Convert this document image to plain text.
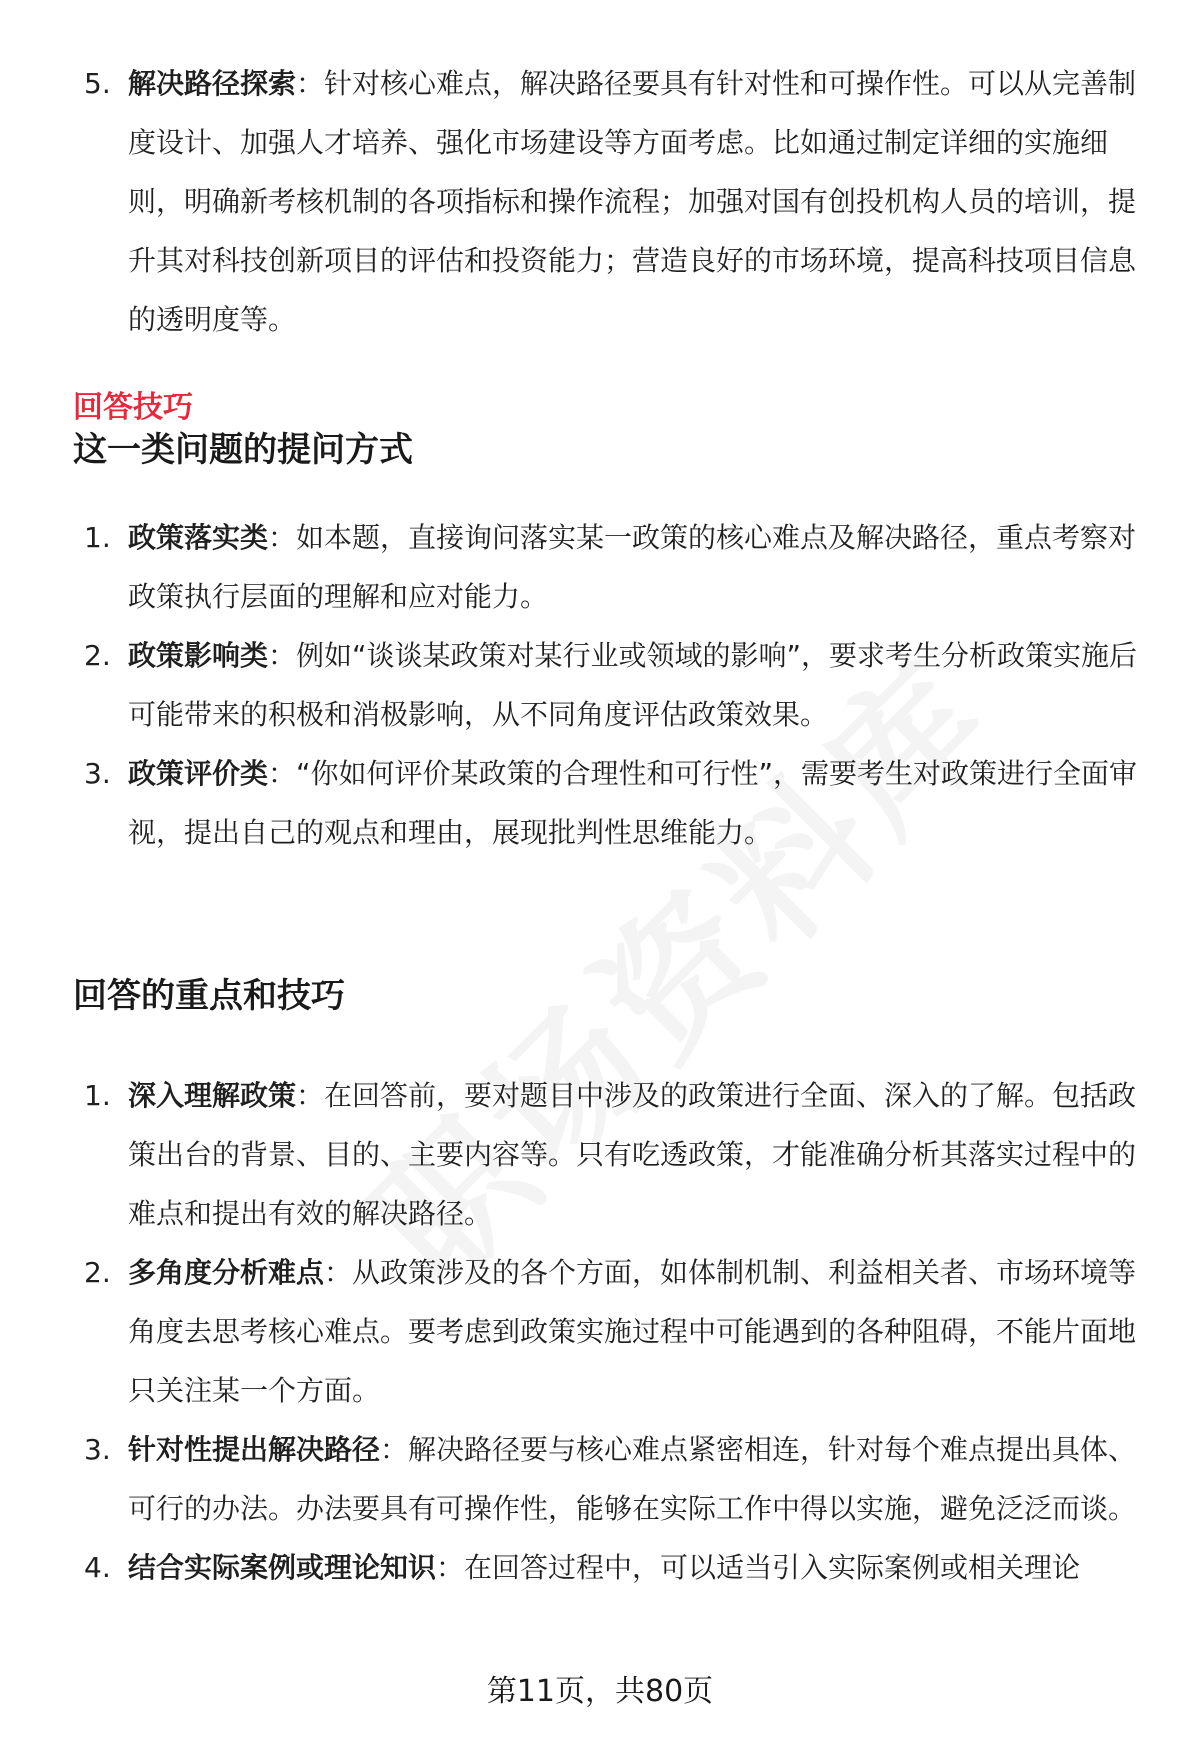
5. 解决路径探索：针对核心难点，解决路径要具有针对性和可操作性。可以从完善制度设计、加强人才培养、强化市场建设等方面考虑。比如通过制定详细的实施细则，明确新考核机制的各项指标和操作流程；加强对国有创投机构人员的培训，提升其对科技创新项目的评估和投资能力；营造良好的市场环境，提高科技项目信息的透明度等。
回答技巧
这一类问题的提问方式
1. 政策落实类：如本题，直接询问落实某一政策的核心难点及解决路径，重点考察对政策执行层面的理解和应对能力。
2. 政策影响类：例如“谈谈某政策对某行业或领域的影响”，要求考生分析政策实施后可能带来的积极和消极影响，从不同角度评估政策效果。
3. 政策评价类：“你如何评价某政策的合理性和可行性”，需要考生对政策进行全面审视，提出自己的观点和理由，展现批判性思维能力。
回答的重点和技巧
1. 深入理解政策：在回答前，要对题目中涉及的政策进行全面、深入的了解。包括政策出台的背景、目的、主要内容等。只有吃透政策，才能准确分析其落实过程中的难点和提出有效的解决路径。
2. 多角度分析难点：从政策涉及的各个方面，如体制机制、利益相关者、市场环境等角度去思考核心难点。要考虑到政策实施过程中可能遇到的各种阻碍，不能片面地只关注某一个方面。
3. 针对性提出解决路径：解决路径要与核心难点紧密相连，针对每个难点提出具体、可行的办法。办法要具有可操作性，能够在实际工作中得以实施，避免泛泛而谈。
4. 结合实际案例或理论知识：在回答过程中，可以适当引入实际案例或相关理论
第11页，共80页
